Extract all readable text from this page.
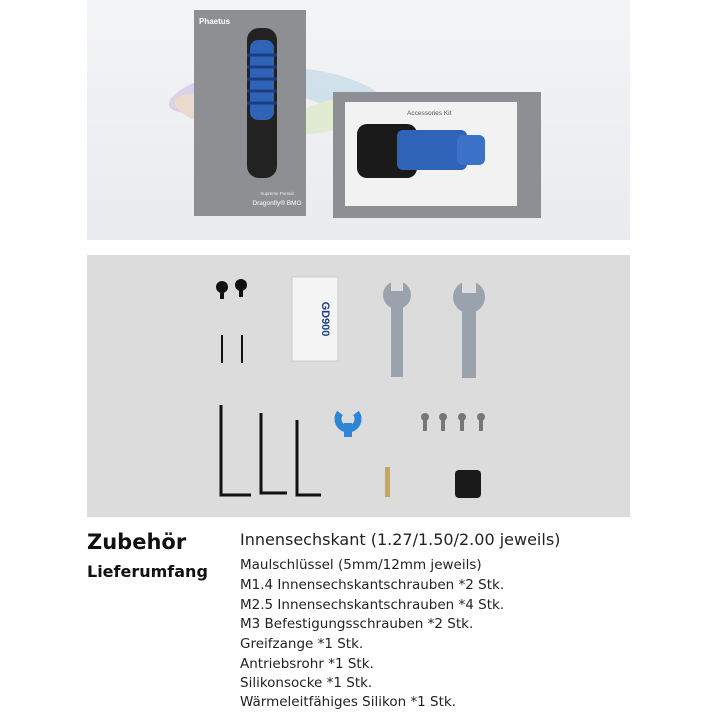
Phaetus
Supreme Pursuit
Dragonfly® BMO
Accessories Kit
GD900
Zubehör
Lieferumfang
Innensechskant (1.27/1.50/2.00 jeweils)
Maulschlüssel (5mm/12mm jeweils)
M1.4 Innensechskantschrauben *2 Stk.
M2.5 Innensechskantschrauben *4 Stk.
M3 Befestigungsschrauben *2 Stk.
Greifzange *1 Stk.
Antriebsrohr *1 Stk.
Silikonsocke *1 Stk.
Wärmeleitfähiges Silikon *1 Stk.
